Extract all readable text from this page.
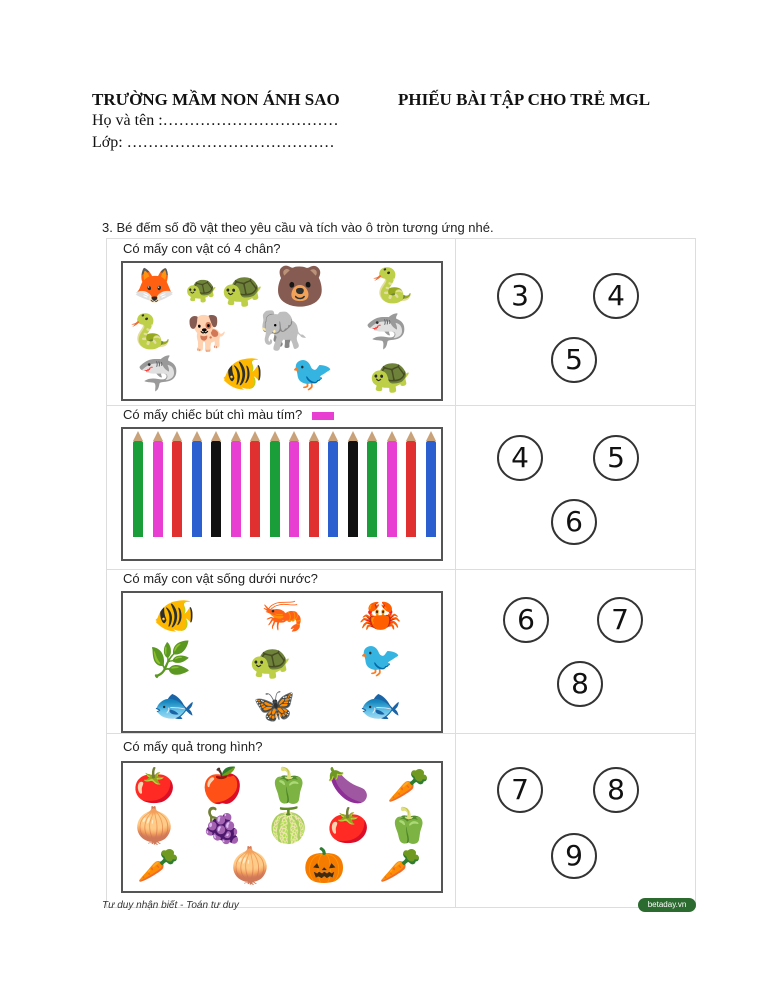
TRƯỜNG MẦM NON ÁNH SAO	PHIẾU BÀI TẬP CHO TRẺ MGL
Họ và tên :……………………………
Lớp: …………………………………
3. Bé đếm số đồ vật theo yêu cầu và tích vào ô tròn tương ứng nhé.
Có mấy con vật có 4 chân?
🦊 🐢 🐢 🐻 🐍
🐍 🐕 🐘 🦈
🦈 🐠 🐦 🐢
3	4
5
Có mấy chiếc bút chì màu tím?
4	5
6
Có mấy con vật sống dưới nước?
🐠 🦐 🦀
🌿 🐢 🐦
🐟 🦋 🐟
6	7
8
Có mấy quả trong hình?
🍅 🍎 🫑 🍆 🥕
🧅 🍇 🍈 🍅 🫑
🥕 🧅 🎃 🥕
7	8
9
Tư duy nhận biết - Toán tư duy	betaday.vn
